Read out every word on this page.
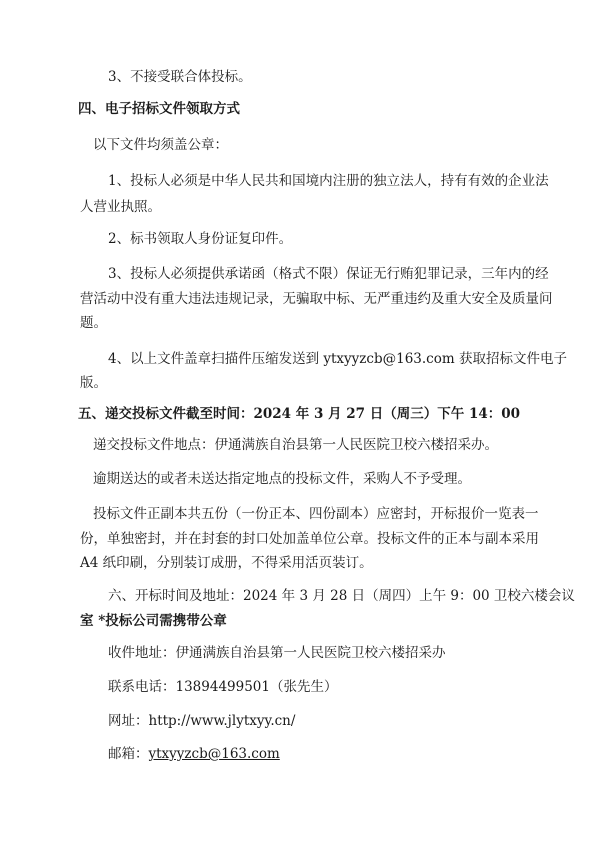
3、不接受联合体投标。
四、电子招标文件领取方式
以下文件均须盖公章：
1、投标人必须是中华人民共和国境内注册的独立法人，持有有效的企业法
人营业执照。
2、标书领取人身份证复印件。
3、投标人必须提供承诺函（格式不限）保证无行贿犯罪记录，三年内的经
营活动中没有重大违法违规记录，无骗取中标、无严重违约及重大安全及质量问
题。
4、以上文件盖章扫描件压缩发送到 ytxyyzcb@163.com 获取招标文件电子
版。
五、递交投标文件截至时间：2024 年 3 月 27 日（周三）下午 14：00
递交投标文件地点：伊通满族自治县第一人民医院卫校六楼招采办。
逾期送达的或者未送达指定地点的投标文件，采购人不予受理。
投标文件正副本共五份（一份正本、四份副本）应密封，开标报价一览表一
份，单独密封，并在封套的封口处加盖单位公章。投标文件的正本与副本采用
A4 纸印刷，分别装订成册，不得采用活页装订。
六、开标时间及地址：2024 年 3 月 28 日（周四）上午 9：00 卫校六楼会议
室 *投标公司需携带公章
收件地址：伊通满族自治县第一人民医院卫校六楼招采办
联系电话：13894499501（张先生）
网址：http://www.jlytxyy.cn/
邮箱：ytxyyzcb@163.com
